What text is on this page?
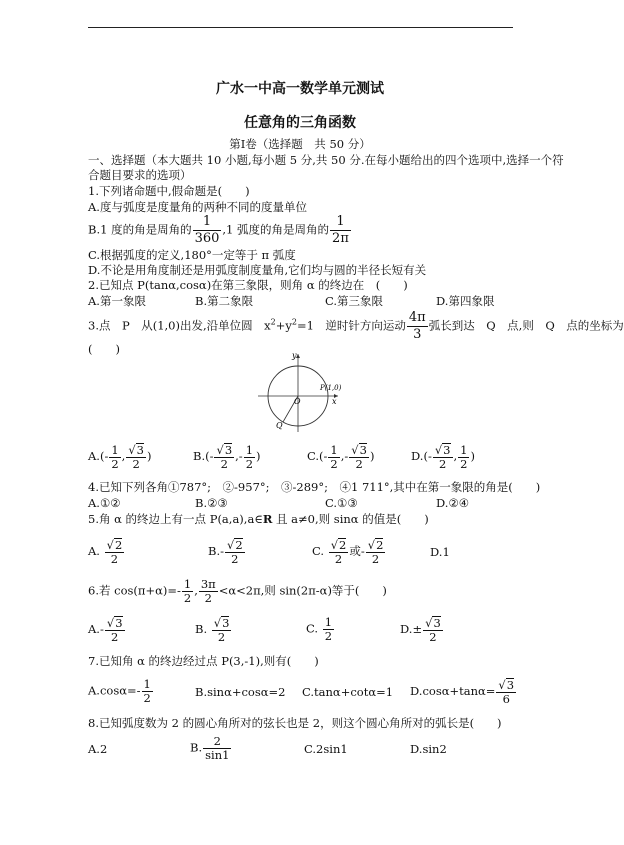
广水一中高一数学单元测试
任意角的三角函数
第Ⅰ卷（选择题　共 50 分）
一、选择题（本大题共 10 小题,每小题 5 分,共 50 分.在每小题给出的四个选项中,选择一个符
合题目要求的选项）
1.下列诸命题中,假命题是(　　)
A.度与弧度是度量角的两种不同的度量单位
B.1 度的角是周角的 $\frac{1}{360} ,1$ 弧度的角是周角的 $\frac{1}{2\pi}$
C.根据弧度的定义,180°一定等于 π 弧度
D.不论是用角度制还是用弧度制度量角,它们均与圆的半径长短有关
2.已知点 P(tanα,cosα)在第三象限，则角 α 的终边在　(　　)
A.第一象限	B.第二象限	C.第三象限	D.第四象限
3.点　P　从(1,0)出发,沿单位圆　$x^2+y^2=1$　逆时针方向运动 $\frac{4\pi}{3}$ 弧长到达　Q　点,则　Q　点的坐标为
(　　)	y
x
O
P(1,0)
Q
$A.(- \frac{1}{2}$ , $\frac{√3}{2}$ )	$B.(- \frac{√3}{2}$ ,- $\frac{1}{2}$ )	$C.(- \frac{1}{2}$ ,- $\frac{√3}{2}$ )	$D.(- \frac{√3}{2}$ , $\frac{1}{2}$ )
4.已知下列各角①787°;　②-957°;　③-289°;　④1 711°,其中在第一象限的角是(　　)
A.①②	B.②③	C.①③	D.②④
5.角 α 的终边上有一点 P(a,a),a∈R 且 a≠0,则 sinα 的值是(　　)
A. $\frac{√2}{2}$	$B.- \frac{√2}{2}$	C. $\frac{√2}{2}$ 或- $\frac{√2}{2}$	D.1
6.若 $\cos(\pi+\alpha)=- \frac{1}{2}$ , $\frac{3\pi}{2} <\alpha<2\pi$,则 sin(2π-α)等于(　　)
$A.- \frac{√3}{2}$	B. $\frac{√3}{2}$	C. $\frac{1}{2}$	$D.\pm \frac{√3}{2}$
7.已知角 α 的终边经过点 P(3,-1),则有(　　)
$A.\cos\alpha=- \frac{1}{2}$	B.sinα+cosα=2 C.tanα+cotα=1 $D.\cos\alpha+\tan\alpha= \frac{√3}{6}$
8.已知弧度数为 2 的圆心角所对的弦长也是 2，则这个圆心角所对的弧长是(　　)
A.2	B. $\frac{2}{\sin 1}$	C.2sin1	D.sin2
